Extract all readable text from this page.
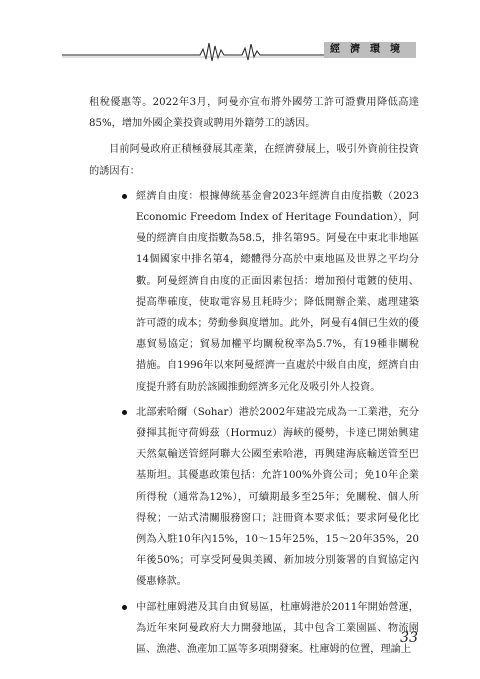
經濟環境

租稅優惠等。2022年3月，阿曼亦宣布將外國勞工許可證費用降低高達85%，增加外國企業投資或聘用外籍勞工的誘因。

目前阿曼政府正積極發展其產業，在經濟發展上，吸引外資前往投資的誘因有：

經濟自由度：根據傳統基金會2023年經濟自由度指數（2023 Economic Freedom Index of Heritage Foundation），阿曼的經濟自由度指數為58.5，排名第95。阿曼在中東北非地區14個國家中排名第4，總體得分高於中東地區及世界之平均分數。阿曼經濟自由度的正面因素包括：增加預付電鍍的使用、提高準確度，使取電容易且耗時少；降低開辦企業、處理建築許可證的成本；勞動參與度增加。此外，阿曼有4個已生效的優惠貿易協定；貿易加權平均關稅稅率為5.7%，有19種非關稅措施。自1996年以來阿曼經濟一直處於中級自由度，經濟自由度提升將有助於該國推動經濟多元化及吸引外人投資。
北部索哈爾（Sohar）港於2002年建設完成為一工業港，充分發揮其扼守荷姆茲（Hormuz）海峽的優勢，卡達已開始興建天然氣輸送管經阿聯大公國至索哈港，再興建海底輸送管至巴基斯坦。其優惠政策包括：允許100%外資公司；免10年企業所得稅（通常為12%），可續期最多至25年；免關稅、個人所得稅；一站式清關服務窗口；註冊資本要求低；要求阿曼化比例為入駐10年內15%，10～15年25%，15～20年35%，20年後50%；可享受阿曼與美國、新加坡分別簽署的自貿協定內優惠條款。
中部杜庫姆港及其自由貿易區，杜庫姆港於2011年開始營運，為近年來阿曼政府大力開發地區，其中包含工業園區、物流園區、漁港、漁產加工區等多項開發案。杜庫姆的位置，理論上
33
